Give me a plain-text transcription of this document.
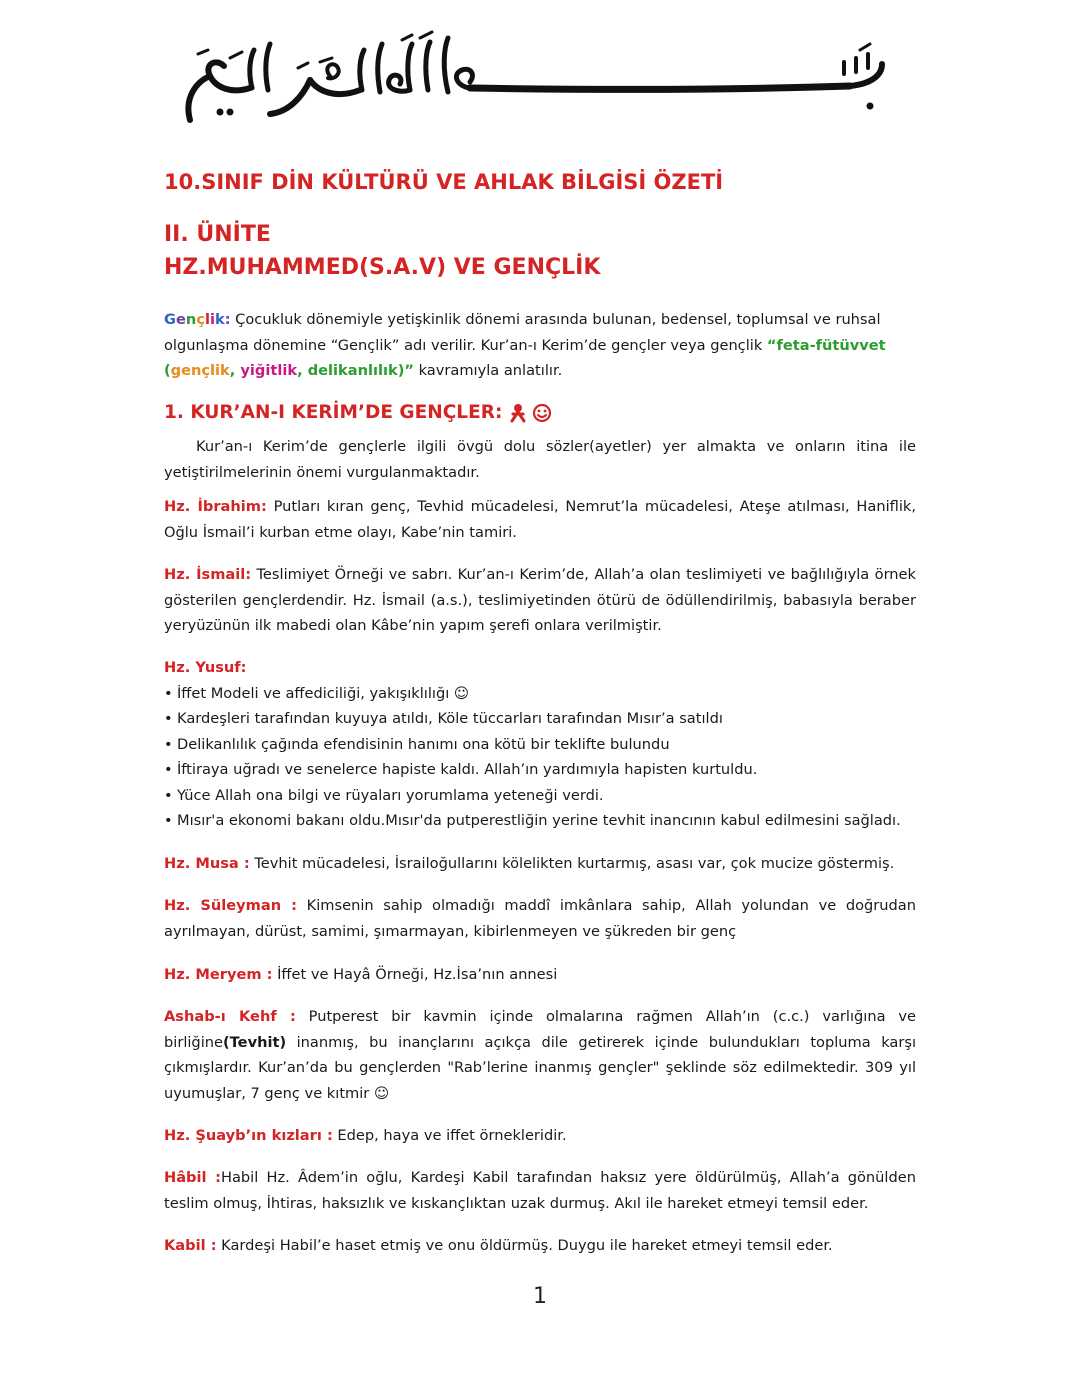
10.SINIF DİN KÜLTÜRÜ VE AHLAK BİLGİSİ ÖZETİ
II. ÜNİTE
HZ.MUHAMMED(S.A.V) VE GENÇLİK

Gençlik: Çocukluk dönemiyle yetişkinlik dönemi arasında bulunan, bedensel, toplumsal ve ruhsal olgunlaşma dönemine “Gençlik” adı verilir. Kur’an-ı Kerim’de gençler veya gençlik “feta-fütüvvet
(gençlik, yiğitlik, delikanlılık)” kavramıyla anlatılır.

1. KUR’AN-I KERİM’DE GENÇLER:

Kur’an-ı Kerim’de gençlerle ilgili övgü dolu sözler(ayetler) yer almakta ve onların itina ile yetiştirilmelerinin önemi vurgulanmaktadır.

Hz. İbrahim: Putları kıran genç, Tevhid mücadelesi, Nemrut’la mücadelesi, Ateşe atılması, Haniflik, Oğlu İsmail’i kurban etme olayı, Kabe’nin tamiri.

Hz. İsmail: Teslimiyet Örneği ve sabrı. Kur’an-ı Kerim’de, Allah’a olan teslimiyeti ve bağlılığıyla örnek gösterilen gençlerdendir. Hz. İsmail (a.s.), teslimiyetinden ötürü de ödüllendirilmiş, babasıyla beraber yeryüzünün ilk mabedi olan Kâbe’nin yapım şerefi onlara verilmiştir.

Hz. Yusuf:
• İffet Modeli ve affediciliği, yakışıklılığı ☺
• Kardeşleri tarafından kuyuya atıldı, Köle tüccarları tarafından Mısır’a satıldı
• Delikanlılık çağında efendisinin hanımı ona kötü bir teklifte bulundu
• İftiraya uğradı ve senelerce hapiste kaldı. Allah’ın yardımıyla hapisten kurtuldu.
• Yüce Allah ona bilgi ve rüyaları yorumlama yeteneği verdi.
• Mısır'a ekonomi bakanı oldu.Mısır'da putperestliğin yerine tevhit inancının kabul edilmesini sağladı.

Hz. Musa : Tevhit mücadelesi, İsrailoğullarını kölelikten kurtarmış, asası var, çok mucize göstermiş.

Hz. Süleyman : Kimsenin sahip olmadığı maddî imkânlara sahip, Allah yolundan ve doğrudan ayrılmayan, dürüst, samimi, şımarmayan, kibirlenmeyen ve şükreden bir genç

Hz. Meryem : İffet ve Hayâ Örneği, Hz.İsa’nın annesi

Ashab-ı Kehf : Putperest bir kavmin içinde olmalarına rağmen Allah’ın (c.c.) varlığına ve birliğine(Tevhit) inanmış, bu inançlarını açıkça dile getirerek içinde bulundukları topluma karşı çıkmışlardır. Kur’an’da bu gençlerden "Rab’lerine inanmış gençler" şeklinde söz edilmektedir. 309 yıl uyumuşlar, 7 genç ve kıtmir ☺

Hz. Şuayb’ın kızları : Edep, haya ve iffet örnekleridir.

Hâbil :Habil Hz. Âdem’in oğlu, Kardeşi Kabil tarafından haksız yere öldürülmüş, Allah’a gönülden teslim olmuş, İhtiras, haksızlık ve kıskançlıktan uzak durmuş. Akıl ile hareket etmeyi temsil eder.

Kabil : Kardeşi Habil’e haset etmiş ve onu öldürmüş. Duygu ile hareket etmeyi temsil eder.

1
